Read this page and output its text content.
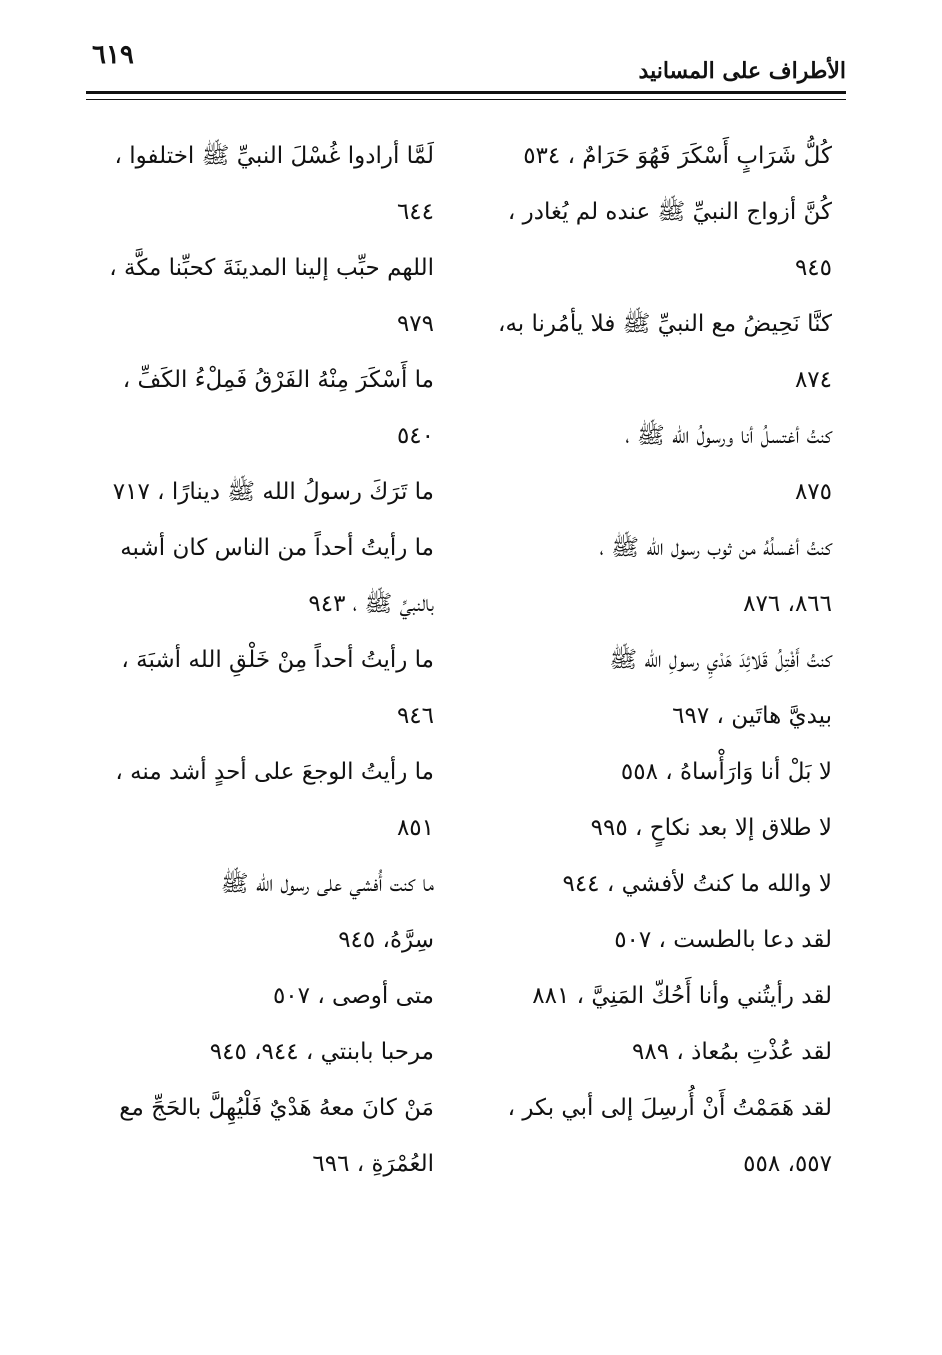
٦١٩
الأطراف على المسانيد
كُلُّ شَرَابٍ أَسْكَرَ فَهُوَ حَرَامٌ ، ٥٣٤
كُنَّ أزواج النبيِّ ﷺ عنده لم يُغادر ،
٩٤٥
كنَّا نَحِيضُ مع النبيِّ ﷺ فلا يأمُرنا به،
٨٧٤
كنتُ أغتسلُ أنا ورسولُ الله ﷺ ،
٨٧٥
كنتُ أغسلُهُ من ثوب رسول الله ﷺ ،
٨٦٦، ٨٧٦
كنتُ أَفْتِلُ قَلائِدَ هَدْيِ رسولِ الله ﷺ
بيديَّ هاتَين ، ٦٩٧
لا بَلْ أنا وَارَأْساهُ ، ٥٥٨
لا طلاق إلا بعد نكاحٍ ، ٩٩٥
لا والله ما كنتُ لأفشي ، ٩٤٤
لقد دعا بالطست ، ٥٠٧
لقد رأيتُني وأنا أَحُكّ المَنِيَّ ، ٨٨١
لقد عُذْتِ بمُعاذ ، ٩٨٩
لقد هَمَمْتُ أَنْ أُرسِلَ إلى أبي بكر ،
٥٥٧، ٥٥٨
لَمَّا أرادوا غُسْلَ النبيِّ ﷺ اختلفوا ،
٦٤٤
اللهم حبِّب إلينا المدينَةَ كحبِّنا مكَّة ،
٩٧٩
ما أَسْكَرَ مِنْهُ الفَرْقُ فَمِلْءُ الكَفِّ ،
٥٤٠
ما تَرَكَ رسولُ الله ﷺ دينارًا ، ٧١٧
ما رأيتُ أحداً من الناس كان أشبه
بالنبيِّ ﷺ ، ٩٤٣
ما رأيتُ أحداً مِنْ خَلْقِ الله أشبَهَ ،
٩٤٦
ما رأيتُ الوجعَ على أحدٍ أشد منه ،
٨٥١
ما كنت أُفشي على رسول الله ﷺ
سِرَّهُ، ٩٤٥
متى أوصى ، ٥٠٧
مرحبا بابنتي ، ٩٤٤، ٩٤٥
مَنْ كانَ معهُ هَدْيٌ فَلْيُهِلَّ بالحَجِّ مع
العُمْرَةِ ، ٦٩٦
